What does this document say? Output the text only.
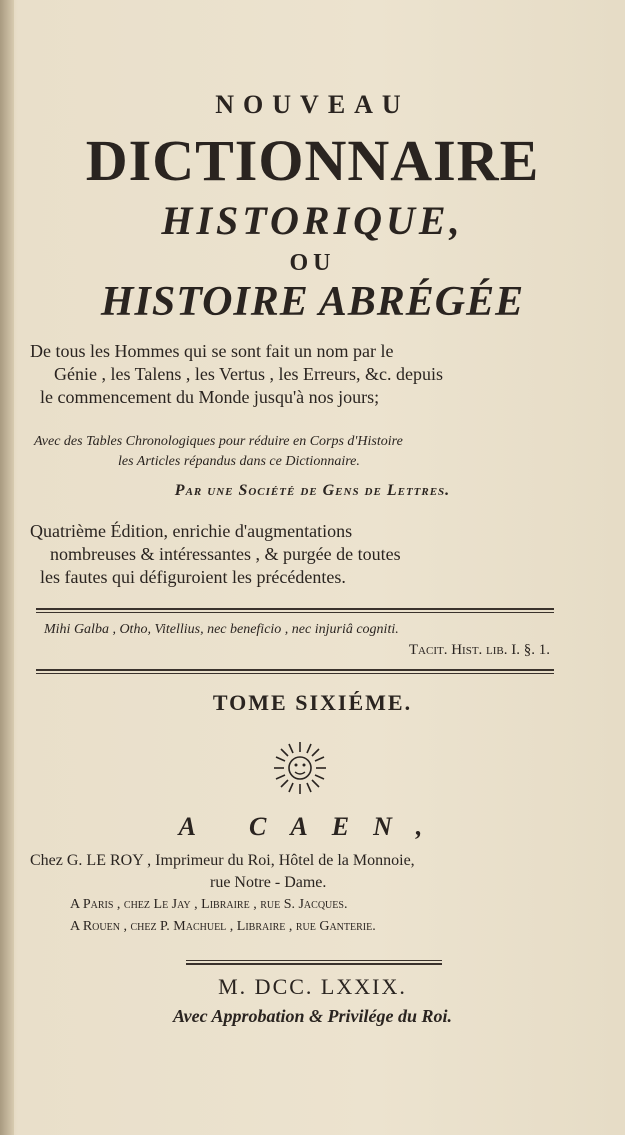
NOUVEAU
DICTIONNAIRE
HISTORIQUE,
OU
HISTOIRE ABRÉGÉE
De tous les Hommes qui se sont fait un nom par le
Génie , les Talens , les Vertus , les Erreurs, &c. depuis
le commencement du Monde jusqu'à nos jours;
Avec des Tables Chronologiques pour réduire en Corps d'Histoire
les Articles répandus dans ce Dictionnaire.
Par une Société de Gens de Lettres.
Quatrième Édition, enrichie d'augmentations
nombreuses & intéressantes , & purgée de toutes
les fautes qui défiguroient les précédentes.
Mihi Galba , Otho, Vitellius, nec beneficio , nec injuriâ cogniti.
Tacit. Hist. lib. I. §. 1.
TOME SIXIÉME.
A CAEN,
Chez G. LE ROY , Imprimeur du Roi, Hôtel de la Monnoie,
rue Notre - Dame.
A Paris , chez Le Jay , Libraire , rue S. Jacques.
A Rouen , chez P. Machuel , Libraire , rue Ganterie.
M. DCC. LXXIX.
Avec Approbation & Privilége du Roi.
